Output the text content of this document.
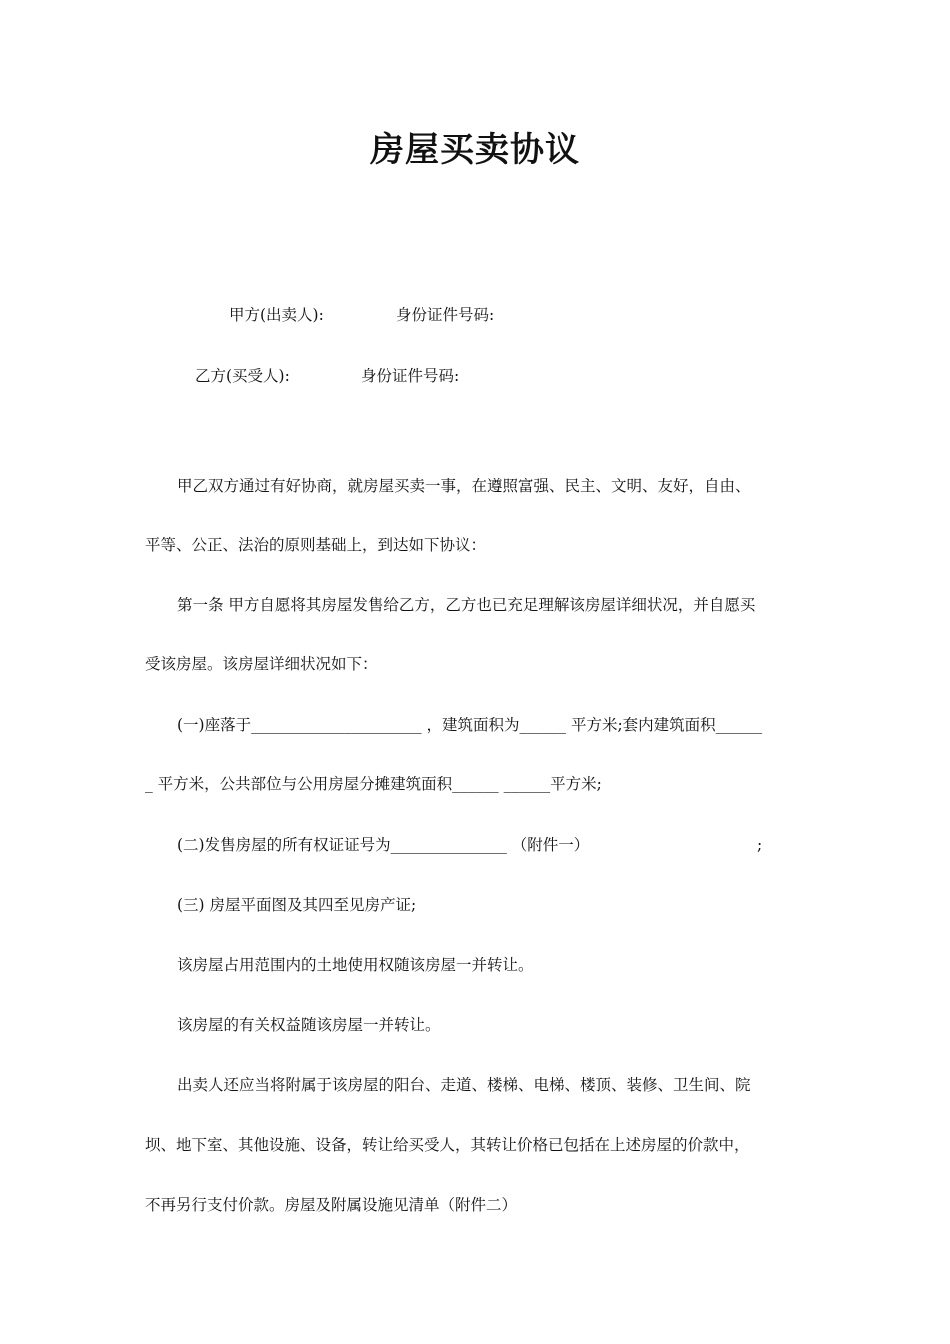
房屋买卖协议
甲方(出卖人):	身份证件号码:
乙方(买受人):	身份证件号码:
甲乙双方通过有好协商，就房屋买卖一事，在遵照富强、民主、文明、友好，自由、
平等、公正、法治的原则基础上，到达如下协议：
第一条 甲方自愿将其房屋发售给乙方，乙方也已充足理解该房屋详细状况，并自愿买
受该房屋。该房屋详细状况如下：
(一)座落于______________________ ，建筑面积为______ 平方米;套内建筑面积______
_ 平方米，公共部位与公用房屋分摊建筑面积______ ______平方米;
(二)发售房屋的所有权证证号为_______________ （附件一）	;
(三) 房屋平面图及其四至见房产证;
该房屋占用范围内的土地使用权随该房屋一并转让。
该房屋的有关权益随该房屋一并转让。
出卖人还应当将附属于该房屋的阳台、走道、楼梯、电梯、楼顶、装修、卫生间、院
坝、地下室、其他设施、设备，转让给买受人，其转让价格已包括在上述房屋的价款中，
不再另行支付价款。房屋及附属设施见清单（附件二）
